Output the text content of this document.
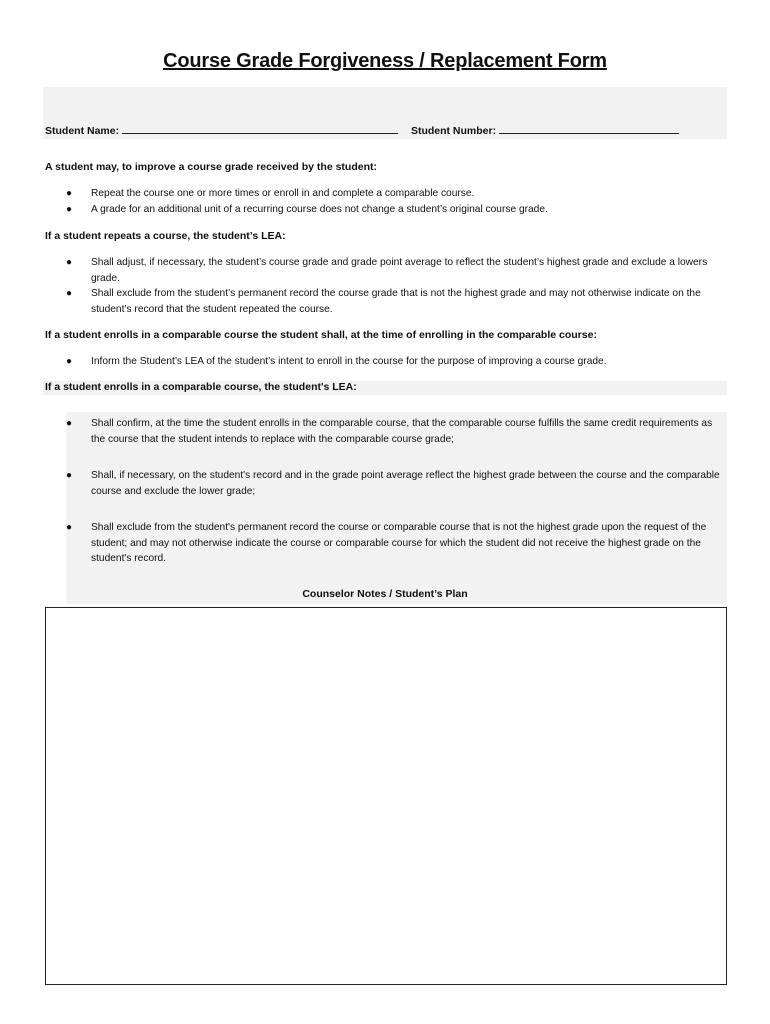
Course Grade Forgiveness / Replacement Form
Student Name:	Student Number:
A student may, to improve a course grade received by the student:
● Repeat the course one or more times or enroll in and complete a comparable course.
● A grade for an additional unit of a recurring course does not change a student’s original course grade.
If a student repeats a course, the student’s LEA:
● Shall adjust, if necessary, the student’s course grade and grade point average to reflect the student’s highest grade and exclude a lowers grade.
● Shall exclude from the student’s permanent record the course grade that is not the highest grade and may not otherwise indicate on the student’s record that the student repeated the course.
If a student enrolls in a comparable course the student shall, at the time of enrolling in the comparable course:
● Inform the Student’s LEA of the student’s intent to enroll in the course for the purpose of improving a course grade.
If a student enrolls in a comparable course, the student's LEA:
● Shall confirm, at the time the student enrolls in the comparable course, that the comparable course fulfills the same credit requirements as the course that the student intends to replace with the comparable course grade;
● Shall, if necessary, on the student's record and in the grade point average reflect the highest grade between the course and the comparable course and exclude the lower grade;
● Shall exclude from the student's permanent record the course or comparable course that is not the highest grade upon the request of the student; and may not otherwise indicate the course or comparable course for which the student did not receive the highest grade on the student's record.
Counselor Notes / Student’s Plan
